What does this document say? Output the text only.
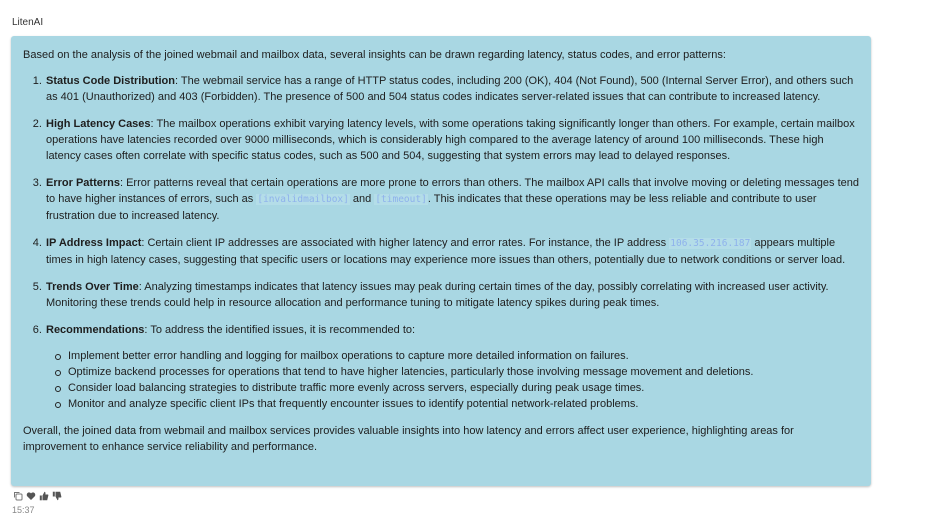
LitenAI

Based on the analysis of the joined webmail and mailbox data, several insights can be drawn regarding latency, status codes, and error patterns:

1. Status Code Distribution: The webmail service has a range of HTTP status codes, including 200 (OK), 404 (Not Found), 500 (Internal Server Error), and others such as 401 (Unauthorized) and 403 (Forbidden). The presence of 500 and 504 status codes indicates server-related issues that can contribute to increased latency.
2. High Latency Cases: The mailbox operations exhibit varying latency levels, with some operations taking significantly longer than others. For example, certain mailbox operations have latencies recorded over 9000 milliseconds, which is considerably high compared to the average latency of around 100 milliseconds. These high latency cases often correlate with specific status codes, such as 500 and 504, suggesting that system errors may lead to delayed responses.
3. Error Patterns: Error patterns reveal that certain operations are more prone to errors than others. The mailbox API calls that involve moving or deleting messages tend to have higher instances of errors, such as [invalidmailbox] and [timeout]. This indicates that these operations may be less reliable and contribute to user frustration due to increased latency.
4. IP Address Impact: Certain client IP addresses are associated with higher latency and error rates. For instance, the IP address 106.35.216.187 appears multiple times in high latency cases, suggesting that specific users or locations may experience more issues than others, potentially due to network conditions or server load.
5. Trends Over Time: Analyzing timestamps indicates that latency issues may peak during certain times of the day, possibly correlating with increased user activity. Monitoring these trends could help in resource allocation and performance tuning to mitigate latency spikes during peak times.
6. Recommendations: To address the identified issues, it is recommended to:
Implement better error handling and logging for mailbox operations to capture more detailed information on failures.
Optimize backend processes for operations that tend to have higher latencies, particularly those involving message movement and deletions.
Consider load balancing strategies to distribute traffic more evenly across servers, especially during peak usage times.
Monitor and analyze specific client IPs that frequently encounter issues to identify potential network-related problems.

Overall, the joined data from webmail and mailbox services provides valuable insights into how latency and errors affect user experience, highlighting areas for improvement to enhance service reliability and performance.

15:37
